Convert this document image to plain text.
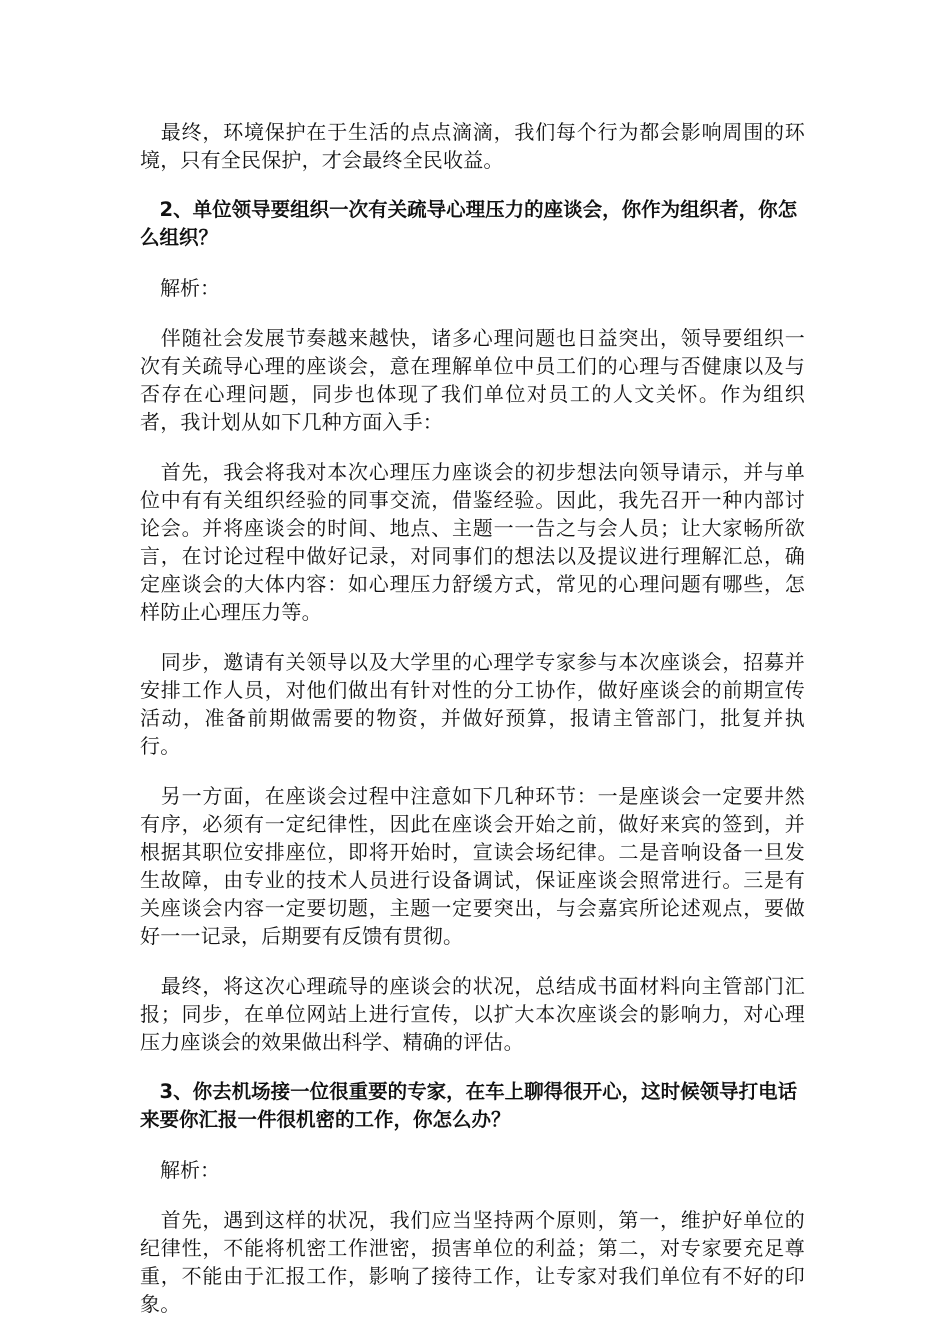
　最终，环境保护在于生活的点点滴滴，我们每个行为都会影响周围的环境，只有全民保护，才会最终全民收益。

　2、单位领导要组织一次有关疏导心理压力的座谈会，你作为组织者，你怎么组织？

　解析：

　伴随社会发展节奏越来越快，诸多心理问题也日益突出，领导要组织一次有关疏导心理的座谈会，意在理解单位中员工们的心理与否健康以及与否存在心理问题，同步也体现了我们单位对员工的人文关怀。作为组织者，我计划从如下几种方面入手：

　首先，我会将我对本次心理压力座谈会的初步想法向领导请示，并与单位中有有关组织经验的同事交流，借鉴经验。因此，我先召开一种内部讨论会。并将座谈会的时间、地点、主题一一告之与会人员；让大家畅所欲言，在讨论过程中做好记录，对同事们的想法以及提议进行理解汇总，确定座谈会的大体内容：如心理压力舒缓方式，常见的心理问题有哪些，怎样防止心理压力等。

　同步，邀请有关领导以及大学里的心理学专家参与本次座谈会，招募并安排工作人员，对他们做出有针对性的分工协作，做好座谈会的前期宣传活动，准备前期做需要的物资，并做好预算，报请主管部门，批复并执行。

　另一方面，在座谈会过程中注意如下几种环节：一是座谈会一定要井然有序，必须有一定纪律性，因此在座谈会开始之前，做好来宾的签到，并根据其职位安排座位，即将开始时，宣读会场纪律。二是音响设备一旦发生故障，由专业的技术人员进行设备调试，保证座谈会照常进行。三是有关座谈会内容一定要切题，主题一定要突出，与会嘉宾所论述观点，要做好一一记录，后期要有反馈有贯彻。

　最终，将这次心理疏导的座谈会的状况，总结成书面材料向主管部门汇报；同步，在单位网站上进行宣传，以扩大本次座谈会的影响力，对心理压力座谈会的效果做出科学、精确的评估。

　3、你去机场接一位很重要的专家，在车上聊得很开心，这时候领导打电话来要你汇报一件很机密的工作，你怎么办？

　解析：

　首先，遇到这样的状况，我们应当坚持两个原则，第一，维护好单位的纪律性，不能将机密工作泄密，损害单位的利益；第二，对专家要充足尊重，不能由于汇报工作，影响了接待工作，让专家对我们单位有不好的印象。
